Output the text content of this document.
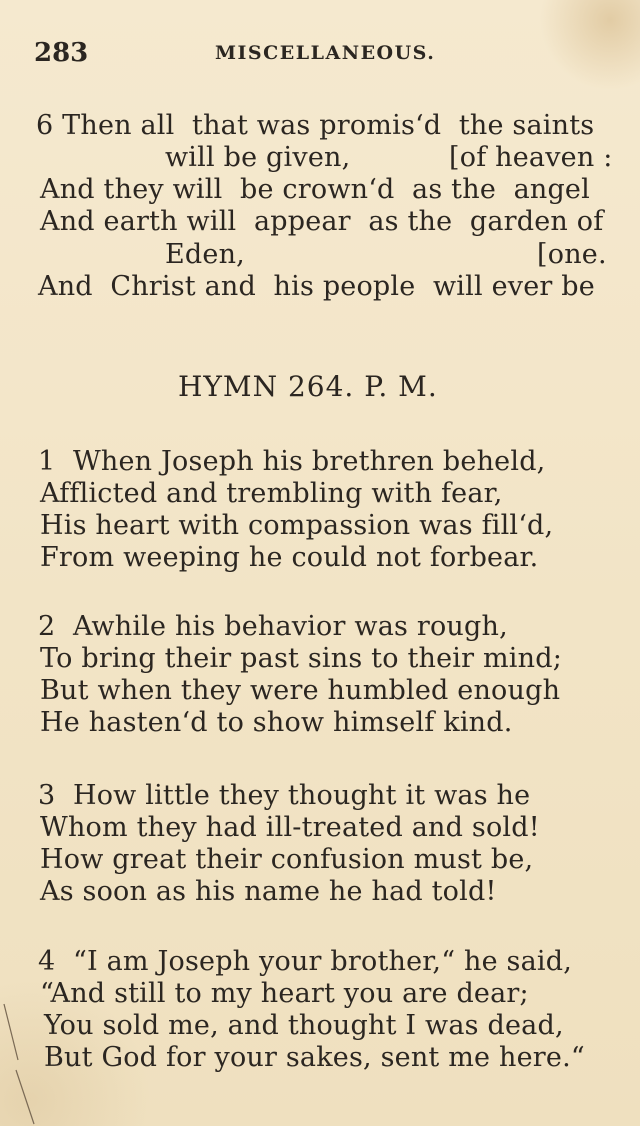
283	MISCELLANEOUS.
6 Then all  that was promis‘d  the saints
will be given,	[of heaven :
And they will  be crown‘d  as the  angel
And earth will  appear  as the  garden of
Eden,	[one.
And  Christ and  his people  will ever be
HYMN 264. P. M.
1  When Joseph his brethren beheld,
Afflicted and trembling with fear,
His heart with compassion was fill‘d,
From weeping he could not forbear.
2  Awhile his behavior was rough,
To bring their past sins to their mind;
But when they were humbled enough
He hasten‘d to show himself kind.
3  How little they thought it was he
Whom they had ill-treated and sold!
How great their confusion must be,
As soon as his name he had told!
4  “I am Joseph your brother,“ he said,
“And still to my heart you are dear;
You sold me, and thought I was dead,
But God for your sakes, sent me here.“
